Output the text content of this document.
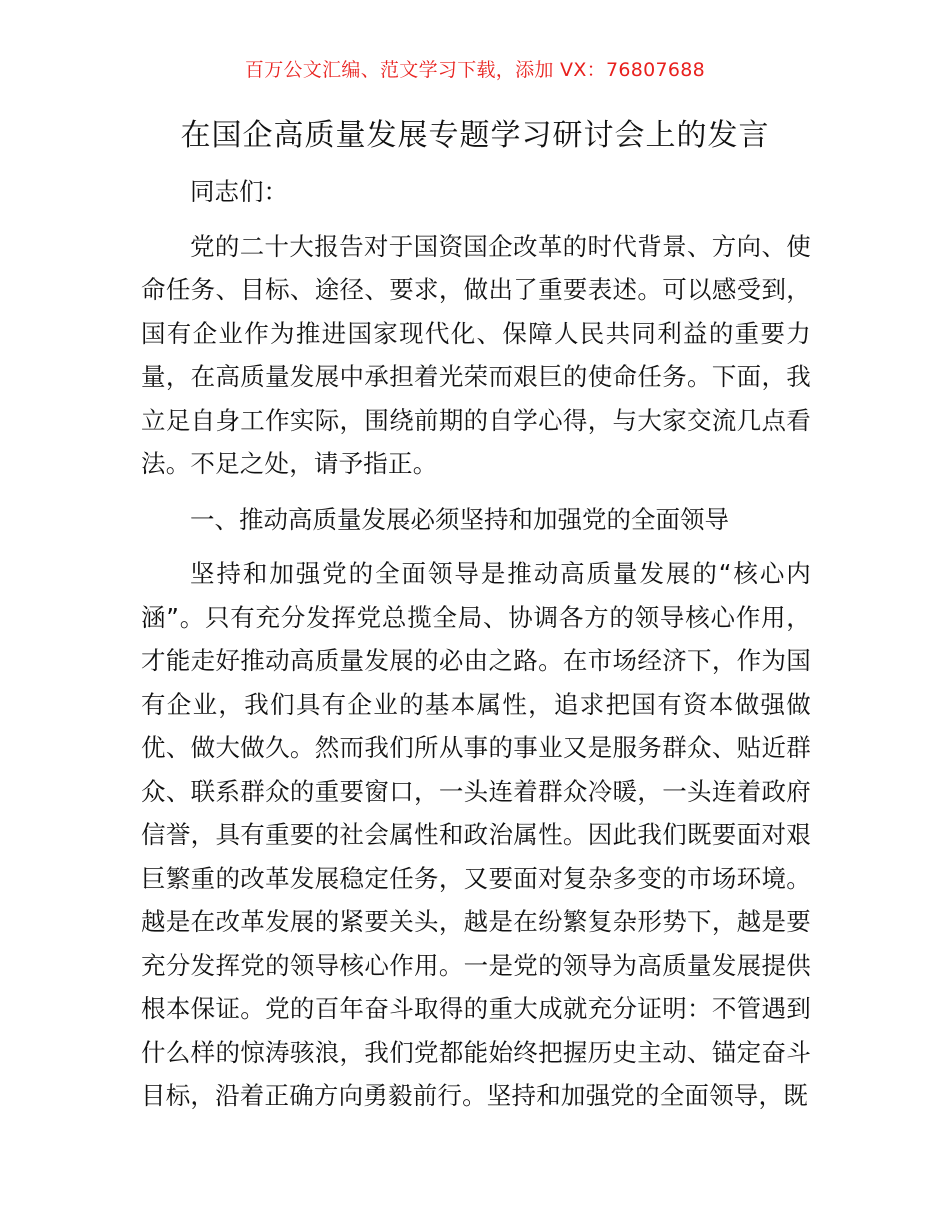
百万公文汇编、范文学习下载，添加 VX：76807688
在国企高质量发展专题学习研讨会上的发言

同志们：

党的二十大报告对于国资国企改革的时代背景、方向、使命任务、目标、途径、要求，做出了重要表述。可以感受到，国有企业作为推进国家现代化、保障人民共同利益的重要力量，在高质量发展中承担着光荣而艰巨的使命任务。下面，我立足自身工作实际，围绕前期的自学心得，与大家交流几点看法。不足之处，请予指正。

一、推动高质量发展必须坚持和加强党的全面领导

坚持和加强党的全面领导是推动高质量发展的“核心内涵”。只有充分发挥党总揽全局、协调各方的领导核心作用，才能走好推动高质量发展的必由之路。在市场经济下，作为国有企业，我们具有企业的基本属性，追求把国有资本做强做优、做大做久。然而我们所从事的事业又是服务群众、贴近群众、联系群众的重要窗口，一头连着群众冷暖，一头连着政府信誉，具有重要的社会属性和政治属性。因此我们既要面对艰巨繁重的改革发展稳定任务，又要面对复杂多变的市场环境。越是在改革发展的紧要关头，越是在纷繁复杂形势下，越是要充分发挥党的领导核心作用。一是党的领导为高质量发展提供根本保证。党的百年奋斗取得的重大成就充分证明：不管遇到什么样的惊涛骇浪，我们党都能始终把握历史主动、锚定奋斗目标，沿着正确方向勇毅前行。坚持和加强党的全面领导，既
